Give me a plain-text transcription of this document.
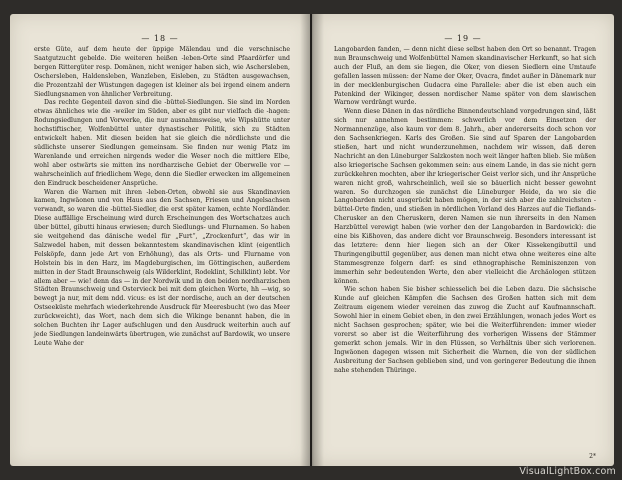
— 18 —

erste Güte, auf dem heute der üppige Mälendau und die verschnische Saatgutzucht gebelde. Die weiteren heißen -leben-Orte sind Pfaardörfer und bergen Rittergüter resp. Domänen, nicht weniger haben sich, wie Aschersleben, Oschersleben, Haldensleben, Wanzleben, Eisleben, zu Städten ausgewachsen, die Prozentzahl der Wüstungen dagegen ist kleiner als bei irgend einem andern Siedlungsnamen von ähnlicher Verbreitung.

Das rechte Gegenteil davon sind die -büttel-Siedlungen. Sie sind im Norden etwas ähnliches wie die -weiler im Süden, aber es gibt nur vielfach die -hagen: Rodungsiedlungen und Vorwerke, die nur ausnahmsweise, wie Wipshütte unter hochstiftischer, Wolfenbüttel unter dynastischer Politik, sich zu Städten entwickelt haben. Mit diesen beiden hat sie gleich die nördlichste und die südlichste unserer Siedlungen gemeinsam. Sie finden nur wenig Platz im Warenlande und erreichen nirgends weder die Weser noch die mittlere Elbe, wohl aber ostwärts sie mitten ins nordharzische Gebiet der Oberwelle vor — wahrscheinlich auf friedlichem Wege, denn die Siedler erwecken im allgemeinen den Eindruck bescheidener Ansprüche.

Waren die Warnen mit ihren -leben-Orten, obwohl sie aus Skandinavien kamen, Ingwäonen und von Haus aus den Sachsen, Friesen und Angelsachsen verwandt, so waren die -büttel-Siedler, die erst später kamen, echte Nordländer. Diese auffällige Erscheinung wird durch Erscheinungen des Wortschatzes auch über büttel, gibutti hinaus erwiesen; durch Siedlungs- und Flurnamen. So haben sie weitgehend das dänische wedel für „Furt“, „Zrockenfurt“, das wir in Salzwedel haben, mit dessen bekanntestem skandinavischen klint (eigentlich Felsköpfe, dann jede Art von Erhöhung), das als Orts- und Flurname von Holstein bis in den Harz, im Magdeburgischen, im Göttingischen, außerdem mitten in der Stadt Braunschweig (als Wilderklint, Rodeklint, Schilklint) lebt. Vor allem aber — wie! denn das — in der Nordwik und in den beiden nordharzischen Städten Braunschweig und Ostervieck bei mit dem gleichen Worte, hh —wig, so bewegt ja nur, mit dem ndd. vicus: es ist der nordische, auch an der deutschen Ostseeküste mehrfach wiederkehrende Ausdruck für Meeresbucht (wo das Meer zurückweicht), das Wort, nach dem sich die Wikinge benannt haben, die in solchen Buchten ihr Lager aufschlugen und den Ausdruck weiterhin auch auf jede Siedlungen landeinwärts übertrugen, wie zunächst auf Bardowik, wo unsere Leute Wahe der

— 19 —

Langobarden fanden, — denn nicht diese selbst haben den Ort so benannt. Tragen nun Braunschweig und Wolfenbüttel Namen skandinavischer Herkunft, so hat sich auch der Fluß, an dem sie liegen, die Oker, von diesen Siedlern eine Umtaufe gefallen lassen müssen: der Name der Oker, Ovacra, findet außer in Dänemark nur in der mecklenburgischen Gudacra eine Parallele: aber die ist eben auch ein Patenkind der Wikinger, dessen nordischer Name später von dem slawischen Warnow verdrängt wurde.

Wenn diese Dänen in das nördliche Binnendeutschland vorgedrungen sind, läßt sich nur annehmen bestimmen: schwerlich vor dem Einsetzen der Normannenzüge, also kaum vor dem 8. Jahrh., aber andererseits doch schon vor den Sachsenkriegen. Karls des Großen. Sie sind auf Sparen der Langobarden stießen, hart und nicht wunderzunehmen, nachdem wir wissen, daß deren Nachricht an den Lüneburger Salzkosten noch weit länger haften blieb. Sie müßen also kriegerische Sachsen gekommen sein: aus einem Lande, in das sie nicht gern zurückkehren mochten, aber ihr kriegerischer Geist verlor sich, und ihr Ansprüche waren nicht groß, wahrscheinlich, weil sie so bäuerlich nicht besser gewohnt waren. So durchzogen sie zunächst die Lüneburger Heide, da wo sie die Langobarden nicht ausgerückt haben mögen, in der sich aber die zahlreichsten -büttel-Orte finden, und stießen in nördlichen Vorland des Harzes auf die Tieflands-Cherusker an den Cheruskern, deren Namen sie nun ihrerseits in den Namen Harzbüttel verewigt haben (wie vorher den der Langobarden in Bardowick): die eine bis Kißhoven, das andere dicht vor Braunschweig. Besonders interessant ist das letztere: denn hier liegen sich an der Oker Kissekengibuttil und Thuringengibuttil gegenüber, aus denen man nicht etwa ohne weiteres eine alte Stammesgrenze folgern darf: es sind ethnographische Reminiszenzen von immerhin sehr bedeutenden Werte, den aber vielleicht die Archäologen stützen können.

Wie schon haben Sie bisher schiesselich bei die Leben dazu. Die sächsische Kunde auf gleichen Kämpfen die Sachsen des Großen hatten sich mit dem Zeitraum eigenem wieder vereinen das zuwog die Zucht auf Kaufmannschaft. Sowohl hier in einem Gebiet eben, in den zwei Erzählungen, wonach jedes Wort es nicht Sachsen gesprochen; später, wie bei die Weiterführenden: immer wieder vorerst so aber ist die Weiterführung des vorherigen Wissens der Stämmer gemerkt schon jemals. Wir in den Flüssen, so Verhältnis über sich verlorenen. Ingwäonen dagegen wissen mit Sicherheit die Warnen, die von der südlichen Ausbreitung der Sachsen geblieben sind, und von geringerer Bedeutung die ihnen nahe stehenden Thüringe.

2*
VisualLightBox.com
